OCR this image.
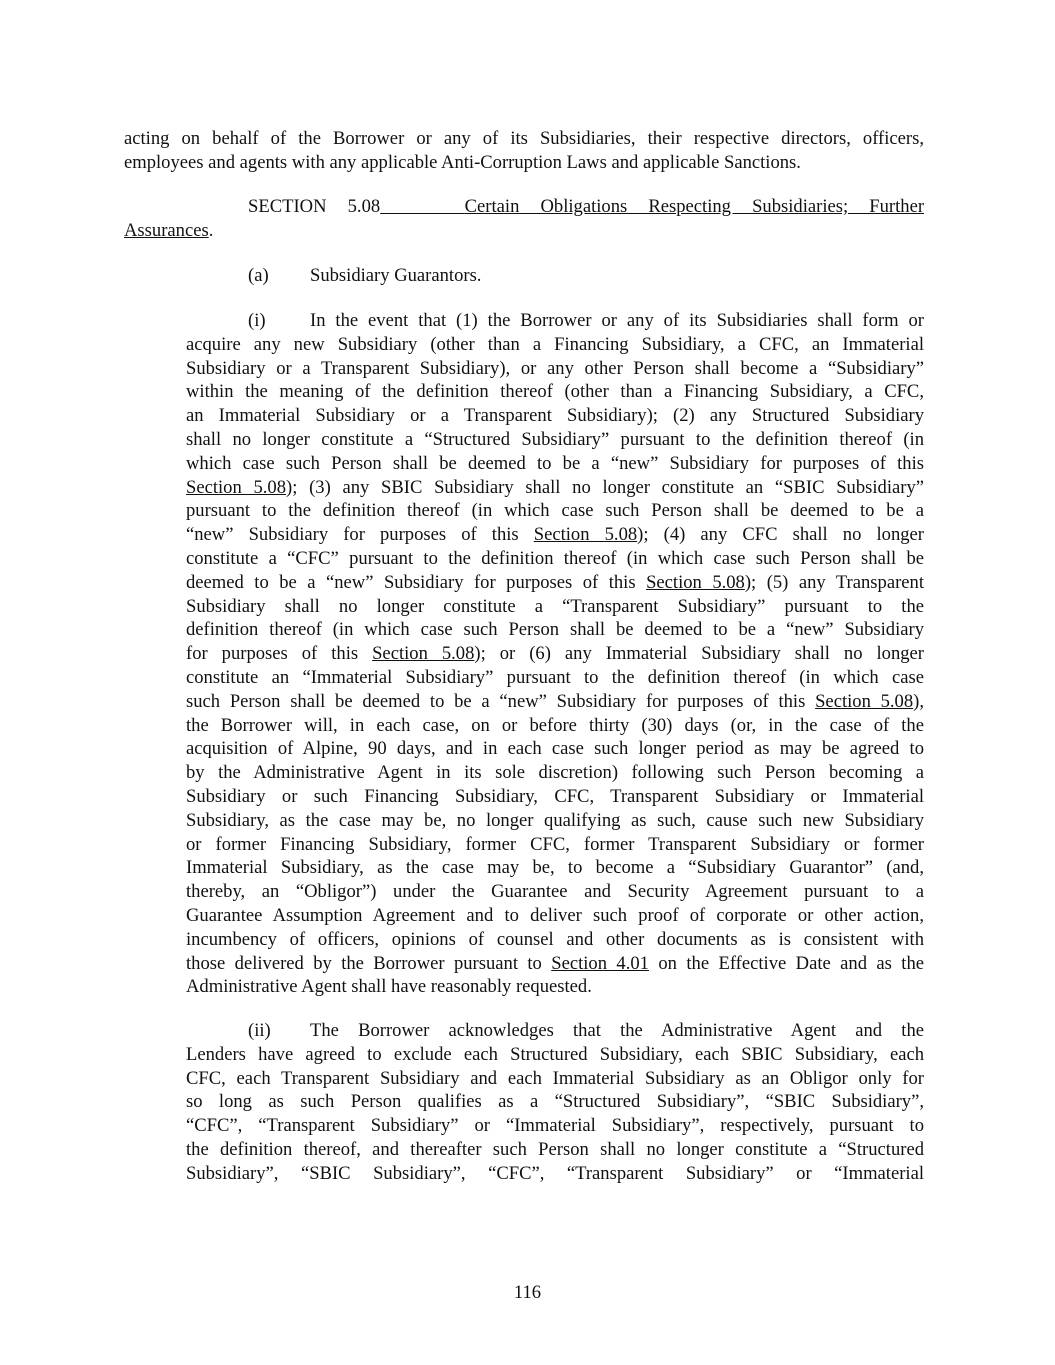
acting on behalf of the Borrower or any of its Subsidiaries, their respective directors, officers,
employees and agents with any applicable Anti-Corruption Laws and applicable Sanctions.
SECTION 5.08	Certain Obligations Respecting Subsidiaries; Further
Assurances.
(a) Subsidiary Guarantors.
(i) In the event that (1) the Borrower or any of its Subsidiaries shall form or
acquire any new Subsidiary (other than a Financing Subsidiary, a CFC, an Immaterial
Subsidiary or a Transparent Subsidiary), or any other Person shall become a “Subsidiary”
within the meaning of the definition thereof (other than a Financing Subsidiary, a CFC,
an Immaterial Subsidiary or a Transparent Subsidiary); (2) any Structured Subsidiary
shall no longer constitute a “Structured Subsidiary” pursuant to the definition thereof (in
which case such Person shall be deemed to be a “new” Subsidiary for purposes of this
Section 5.08); (3) any SBIC Subsidiary shall no longer constitute an “SBIC Subsidiary”
pursuant to the definition thereof (in which case such Person shall be deemed to be a
“new” Subsidiary for purposes of this Section 5.08); (4) any CFC shall no longer
constitute a “CFC” pursuant to the definition thereof (in which case such Person shall be
deemed to be a “new” Subsidiary for purposes of this Section 5.08); (5) any Transparent
Subsidiary shall no longer constitute a “Transparent Subsidiary” pursuant to the
definition thereof (in which case such Person shall be deemed to be a “new” Subsidiary
for purposes of this Section 5.08); or (6) any Immaterial Subsidiary shall no longer
constitute an “Immaterial Subsidiary” pursuant to the definition thereof (in which case
such Person shall be deemed to be a “new” Subsidiary for purposes of this Section 5.08),
the Borrower will, in each case, on or before thirty (30) days (or, in the case of the
acquisition of Alpine, 90 days, and in each case such longer period as may be agreed to
by the Administrative Agent in its sole discretion) following such Person becoming a
Subsidiary or such Financing Subsidiary, CFC, Transparent Subsidiary or Immaterial
Subsidiary, as the case may be, no longer qualifying as such, cause such new Subsidiary
or former Financing Subsidiary, former CFC, former Transparent Subsidiary or former
Immaterial Subsidiary, as the case may be, to become a “Subsidiary Guarantor” (and,
thereby, an “Obligor”) under the Guarantee and Security Agreement pursuant to a
Guarantee Assumption Agreement and to deliver such proof of corporate or other action,
incumbency of officers, opinions of counsel and other documents as is consistent with
those delivered by the Borrower pursuant to Section 4.01 on the Effective Date and as the
Administrative Agent shall have reasonably requested.
(ii) The Borrower acknowledges that the Administrative Agent and the
Lenders have agreed to exclude each Structured Subsidiary, each SBIC Subsidiary, each
CFC, each Transparent Subsidiary and each Immaterial Subsidiary as an Obligor only for
so long as such Person qualifies as a “Structured Subsidiary”, “SBIC Subsidiary”,
“CFC”, “Transparent Subsidiary” or “Immaterial Subsidiary”, respectively, pursuant to
the definition thereof, and thereafter such Person shall no longer constitute a “Structured
Subsidiary”, “SBIC Subsidiary”, “CFC”, “Transparent Subsidiary” or “Immaterial
116
